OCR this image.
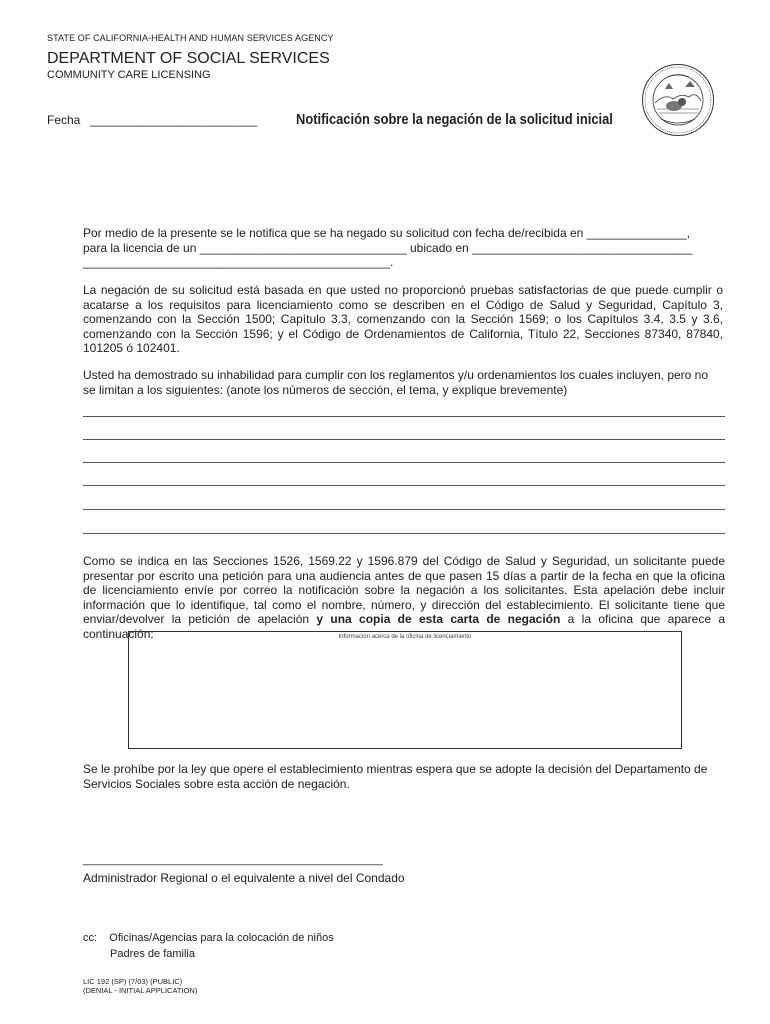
STATE OF CALIFORNIA-HEALTH AND HUMAN SERVICES AGENCY
DEPARTMENT OF SOCIAL SERVICES
COMMUNITY CARE LICENSING
Fecha _________________________	Notificación sobre la negación de la solicitud inicial
Por medio de la presente se le notifica que se ha negado su solicitud con fecha de/recibida en _______________,
para la licencia de un _______________________________ ubicado en _________________________________
______________________________________________.
La negación de su solicitud está basada en que usted no proporcionó pruebas satisfactorias de que puede cumplir o acatarse a los requisitos para licenciamiento como se describen en el Código de Salud y Seguridad, Capítulo 3, comenzando con la Sección 1500; Capítulo 3.3, comenzando con la Sección 1569; o los Capítulos 3.4, 3.5 y 3.6, comenzando con la Sección 1596; y el Código de Ordenamientos de California, Título 22, Secciones 87340, 87840, 101205 ó 102401.
Usted ha demostrado su inhabilidad para cumplir con los reglamentos y/u ordenamientos los cuales incluyen, pero no se limitan a los siguientes: (anote los números de sección, el tema, y explique brevemente)
Como se indica en las Secciones 1526, 1569.22 y 1596.879 del Código de Salud y Seguridad, un solicitante puede presentar por escrito una petición para una audiencia antes de que pasen 15 días a partir de la fecha en que la oficina de licenciamiento envíe por correo la notificación sobre la negación a los solicitantes. Esta apelación debe incluir información que lo identifique, tal como el nombre, número, y dirección del establecimiento. El solicitante tiene que enviar/devolver la petición de apelación y una copia de esta carta de negación a la oficina que aparece a continuación:	Información acerca de la oficina de licenciamiento
Se le prohíbe por la ley que opere el establecimiento mientras espera que se adopte la decisión del Departamento de Servicios Sociales sobre esta acción de negación.
_________________________________________________
Administrador Regional o el equivalente a nivel del Condado
cc: Oficinas/Agencias para la colocación de niños
Padres de familia
LIC 192 (SP) (7/03) (PUBLIC)
(DENIAL - INITIAL APPLICATION)
